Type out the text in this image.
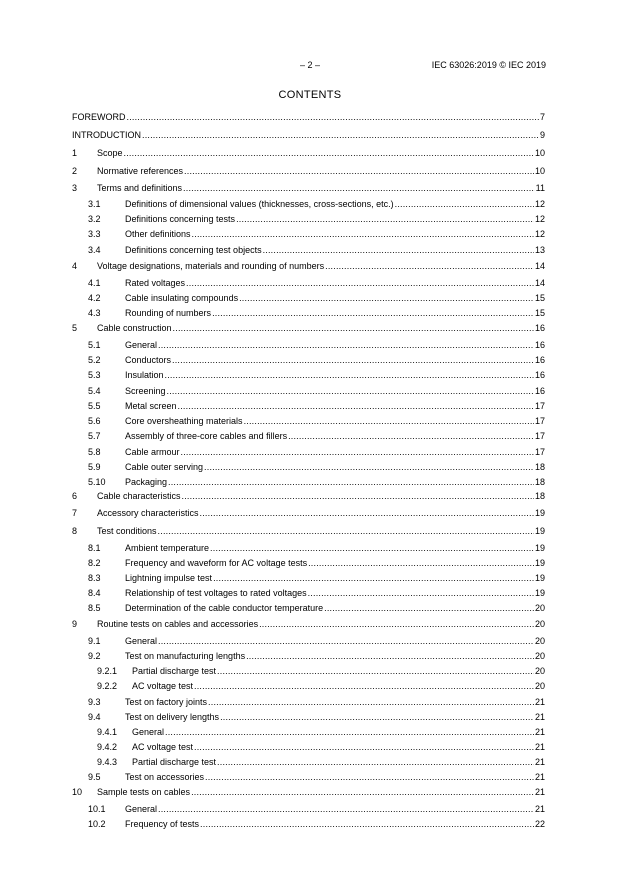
– 2 –	IEC 63026:2019 © IEC 2019
CONTENTS
FOREWORD .....	7
INTRODUCTION .....	9
1	Scope .....	10
2	Normative references .....	10
3	Terms and definitions .....	11
3.1	Definitions of dimensional values (thicknesses, cross-sections, etc.) .....	12
3.2	Definitions concerning tests .....	12
3.3	Other definitions .....	12
3.4	Definitions concerning test objects .....	13
4	Voltage designations, materials and rounding of numbers .....	14
4.1	Rated voltages .....	14
4.2	Cable insulating compounds .....	15
4.3	Rounding of numbers .....	15
5	Cable construction .....	16
5.1	General .....	16
5.2	Conductors .....	16
5.3	Insulation .....	16
5.4	Screening .....	16
5.5	Metal screen .....	17
5.6	Core oversheathing materials .....	17
5.7	Assembly of three-core cables and fillers .....	17
5.8	Cable armour .....	17
5.9	Cable outer serving .....	18
5.10	Packaging .....	18
6	Cable characteristics .....	18
7	Accessory characteristics .....	19
8	Test conditions .....	19
8.1	Ambient temperature .....	19
8.2	Frequency and waveform for AC voltage tests .....	19
8.3	Lightning impulse test .....	19
8.4	Relationship of test voltages to rated voltages .....	19
8.5	Determination of the cable conductor temperature .....	20
9	Routine tests on cables and accessories .....	20
9.1	General .....	20
9.2	Test on manufacturing lengths .....	20
9.2.1	Partial discharge test .....	20
9.2.2	AC voltage test .....	20
9.3	Test on factory joints .....	21
9.4	Test on delivery lengths .....	21
9.4.1	General .....	21
9.4.2	AC voltage test .....	21
9.4.3	Partial discharge test .....	21
9.5	Test on accessories .....	21
10	Sample tests on cables .....	21
10.1	General .....	21
10.2	Frequency of tests .....	22
